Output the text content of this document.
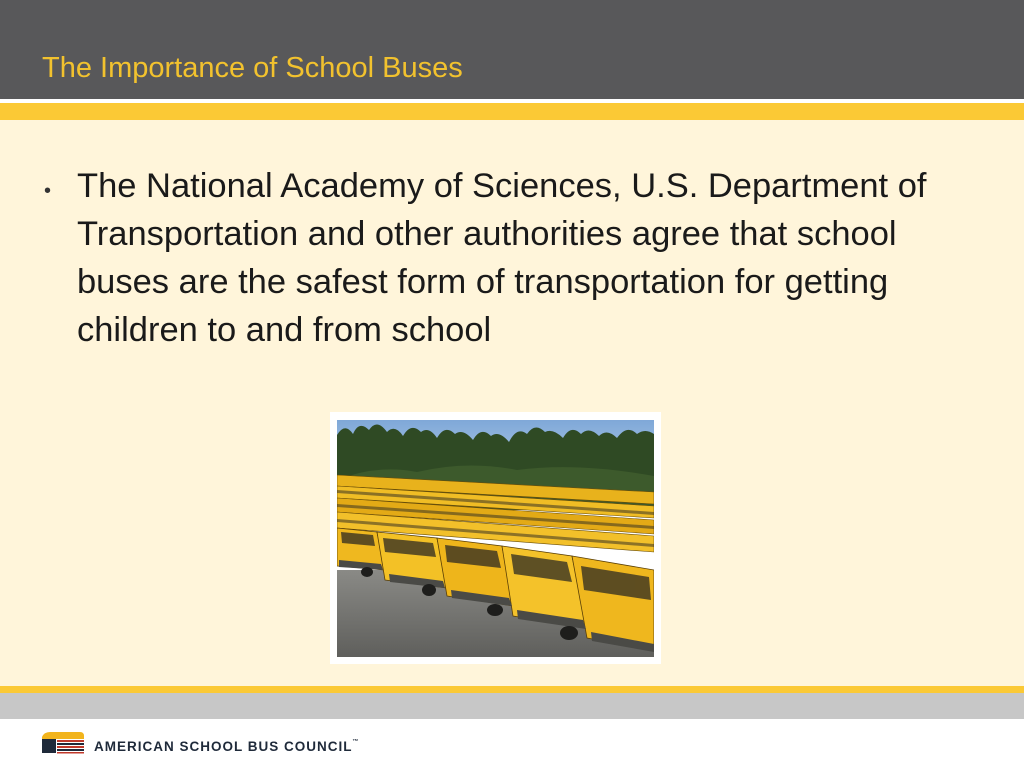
The Importance of School Buses
• The National Academy of Sciences, U.S. Department of Transportation and other authorities agree that school buses are the safest form of transportation for getting children to and from school
AMERICAN SCHOOL BUS COUNCIL™
